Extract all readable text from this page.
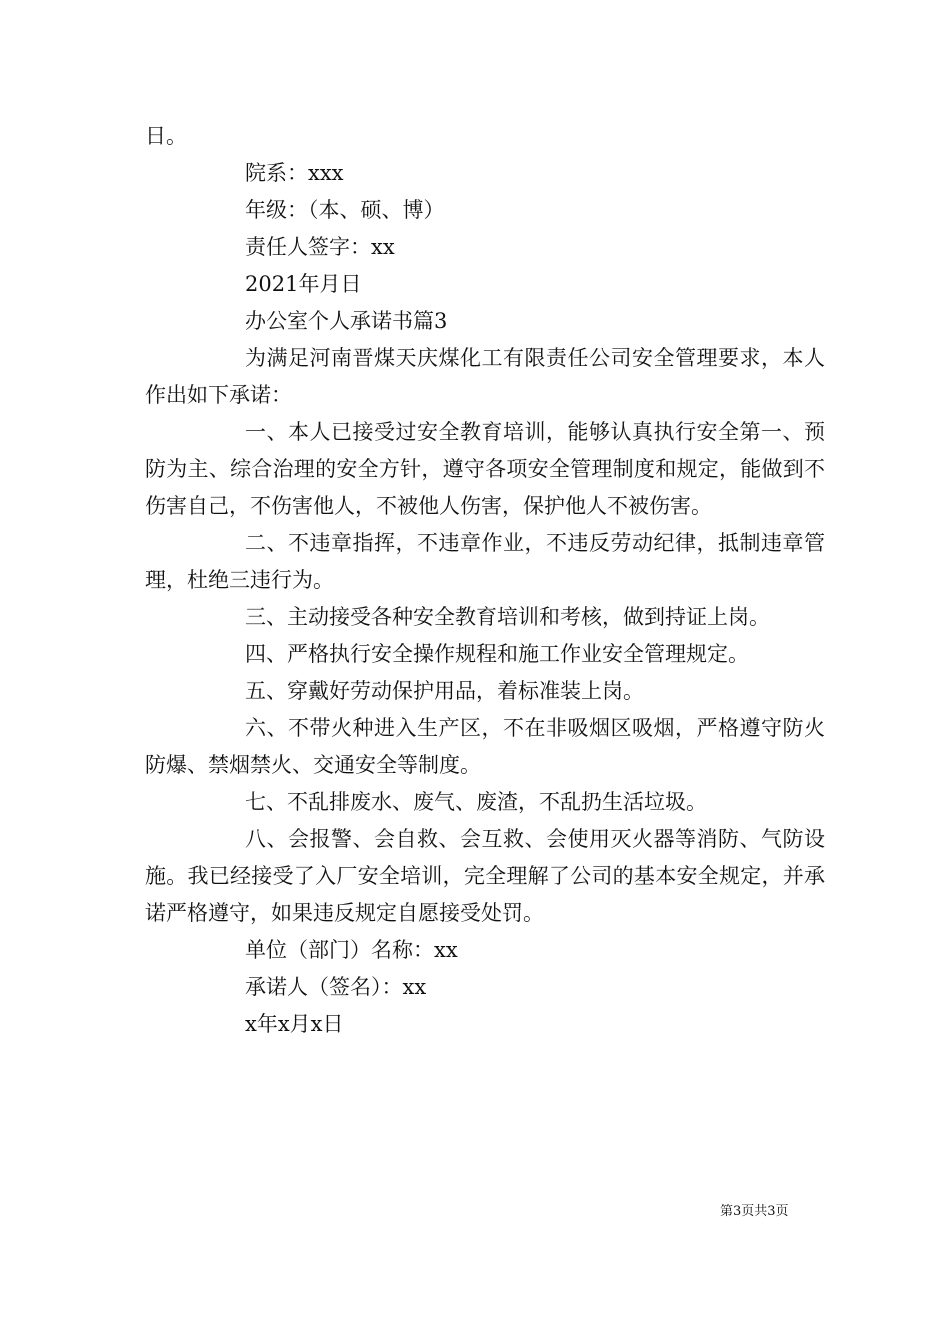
日。
院系：xxx
年级：（本、硕、博）
责任人签字：xx
2021年月日
办公室个人承诺书篇3

为满足河南晋煤天庆煤化工有限责任公司安全管理要求，本人作出如下承诺：

一、本人已接受过安全教育培训，能够认真执行安全第一、预防为主、综合治理的安全方针，遵守各项安全管理制度和规定，能做到不伤害自己，不伤害他人，不被他人伤害，保护他人不被伤害。

二、不违章指挥，不违章作业，不违反劳动纪律，抵制违章管理，杜绝三违行为。

三、主动接受各种安全教育培训和考核，做到持证上岗。

四、严格执行安全操作规程和施工作业安全管理规定。

五、穿戴好劳动保护用品，着标准装上岗。

六、不带火种进入生产区，不在非吸烟区吸烟，严格遵守防火防爆、禁烟禁火、交通安全等制度。

七、不乱排废水、废气、废渣，不乱扔生活垃圾。

八、会报警、会自救、会互救、会使用灭火器等消防、气防设施。我已经接受了入厂安全培训，完全理解了公司的基本安全规定，并承诺严格遵守，如果违反规定自愿接受处罚。

单位（部门）名称：xx
承诺人（签名）：xx
x年x月x日
第3页共3页
